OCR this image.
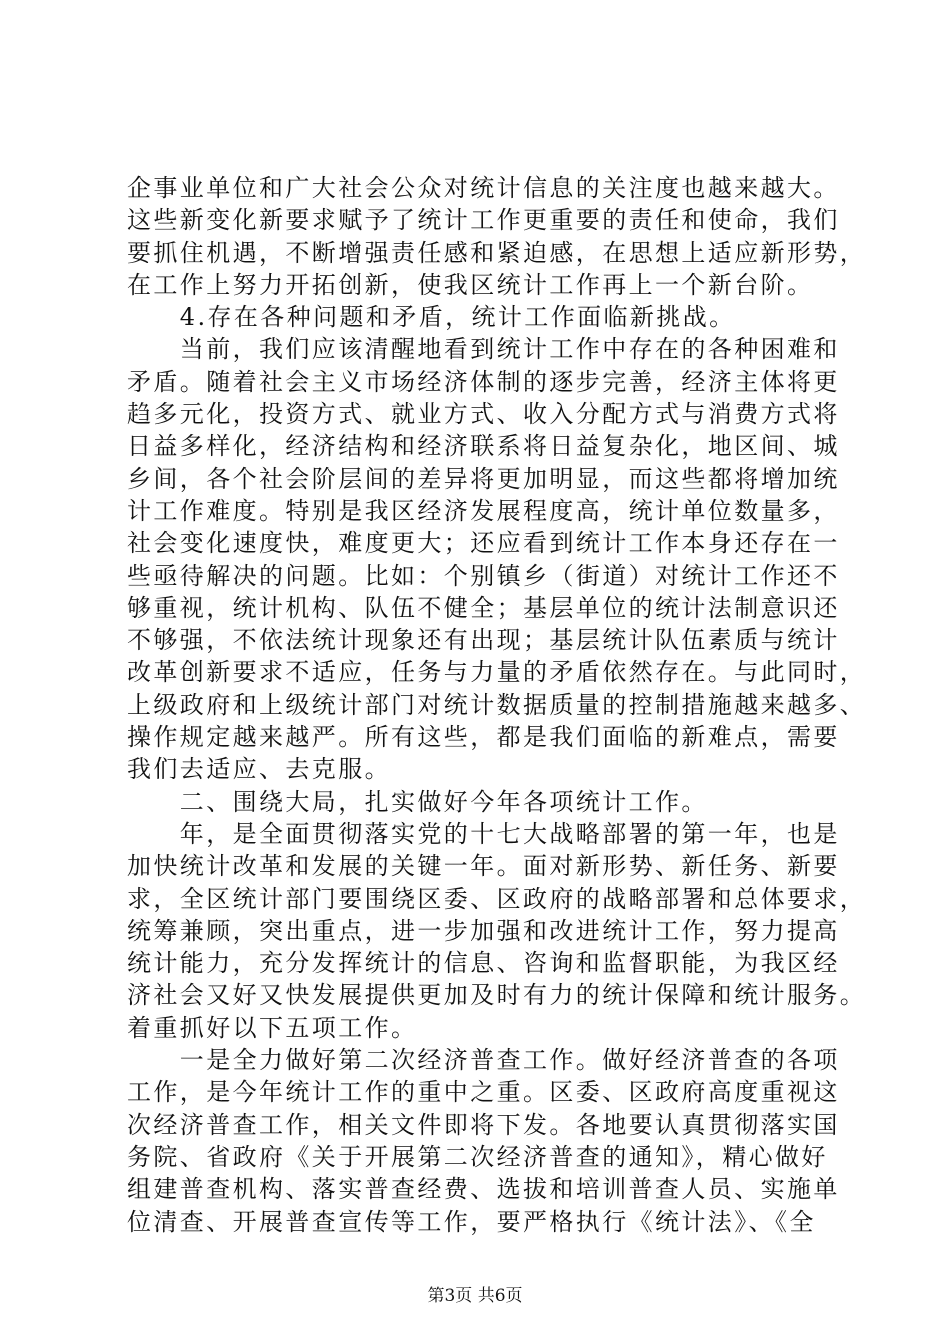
企事业单位和广大社会公众对统计信息的关注度也越来越大。
这些新变化新要求赋予了统计工作更重要的责任和使命，我们
要抓住机遇，不断增强责任感和紧迫感，在思想上适应新形势，
在工作上努力开拓创新，使我区统计工作再上一个新台阶。
　　4.存在各种问题和矛盾，统计工作面临新挑战。
　　当前，我们应该清醒地看到统计工作中存在的各种困难和
矛盾。随着社会主义市场经济体制的逐步完善，经济主体将更
趋多元化，投资方式、就业方式、收入分配方式与消费方式将
日益多样化，经济结构和经济联系将日益复杂化，地区间、城
乡间，各个社会阶层间的差异将更加明显，而这些都将增加统
计工作难度。特别是我区经济发展程度高，统计单位数量多，
社会变化速度快，难度更大；还应看到统计工作本身还存在一
些亟待解决的问题。比如：个别镇乡（街道）对统计工作还不
够重视，统计机构、队伍不健全；基层单位的统计法制意识还
不够强，不依法统计现象还有出现；基层统计队伍素质与统计
改革创新要求不适应，任务与力量的矛盾依然存在。与此同时，
上级政府和上级统计部门对统计数据质量的控制措施越来越多、
操作规定越来越严。所有这些，都是我们面临的新难点，需要
我们去适应、去克服。
　　二、围绕大局，扎实做好今年各项统计工作。
　　年，是全面贯彻落实党的十七大战略部署的第一年，也是
加快统计改革和发展的关键一年。面对新形势、新任务、新要
求，全区统计部门要围绕区委、区政府的战略部署和总体要求，
统筹兼顾，突出重点，进一步加强和改进统计工作，努力提高
统计能力，充分发挥统计的信息、咨询和监督职能，为我区经
济社会又好又快发展提供更加及时有力的统计保障和统计服务。
着重抓好以下五项工作。
　　一是全力做好第二次经济普查工作。做好经济普查的各项
工作，是今年统计工作的重中之重。区委、区政府高度重视这
次经济普查工作，相关文件即将下发。各地要认真贯彻落实国
务院、省政府《关于开展第二次经济普查的通知》，精心做好
组建普查机构、落实普查经费、选拔和培训普查人员、实施单
位清查、开展普查宣传等工作，要严格执行《统计法》、《全
第3页 共6页
